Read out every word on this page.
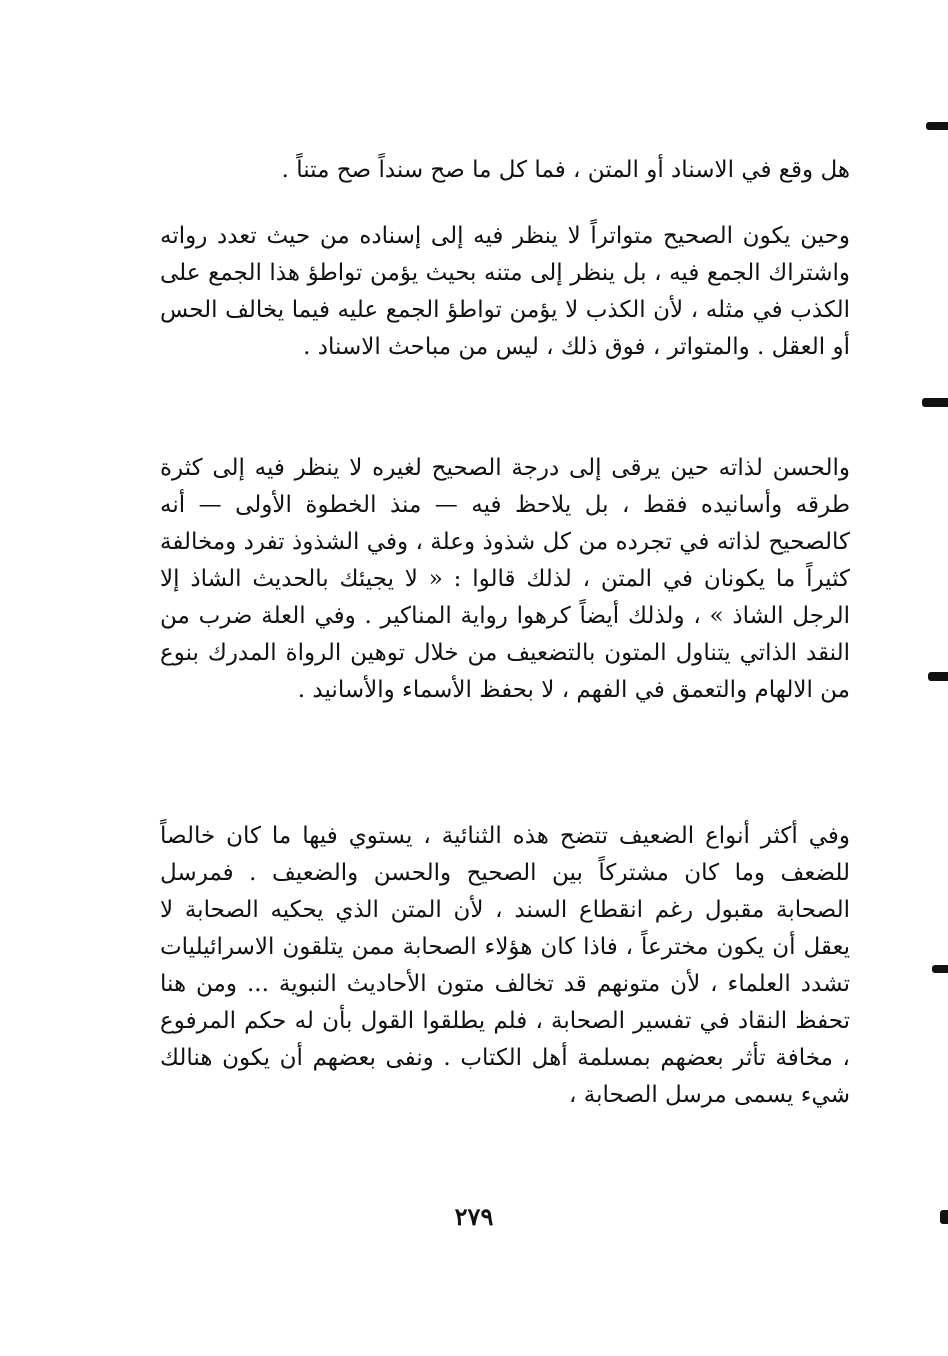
هل وقع في الاسناد أو المتن ، فما كل ما صح سنداً صح متناً .

وحين يكون الصحيح متواتراً لا ينظر فيه إلى إسناده من حيث تعدد رواته واشتراك الجمع فيه ، بل ينظر إلى متنه بحيث يؤمن تواطؤ هذا الجمع على الكذب في مثله ، لأن الكذب لا يؤمن تواطؤ الجمع عليه فيما يخالف الحس أو العقل . والمتواتر ، فوق ذلك ، ليس من مباحث الاسناد .

والحسن لذاته حين يرقى إلى درجة الصحيح لغيره لا ينظر فيه إلى كثرة طرقه وأسانيده فقط ، بل يلاحظ فيه — منذ الخطوة الأولى — أنه كالصحيح لذاته في تجرده من كل شذوذ وعلة ، وفي الشذوذ تفرد ومخالفة كثيراً ما يكونان في المتن ، لذلك قالوا : « لا يجيئك بالحديث الشاذ إلا الرجل الشاذ » ، ولذلك أيضاً كرهوا رواية المناكير . وفي العلة ضرب من النقد الذاتي يتناول المتون بالتضعيف من خلال توهين الرواة المدرك بنوع من الالهام والتعمق في الفهم ، لا بحفظ الأسماء والأسانيد .

وفي أكثر أنواع الضعيف تتضح هذه الثنائية ، يستوي فيها ما كان خالصاً للضعف وما كان مشتركاً بين الصحيح والحسن والضعيف . فمرسل الصحابة مقبول رغم انقطاع السند ، لأن المتن الذي يحكيه الصحابة لا يعقل أن يكون مخترعاً ، فاذا كان هؤلاء الصحابة ممن يتلقون الاسرائيليات تشدد العلماء ، لأن متونهم قد تخالف متون الأحاديث النبوية ... ومن هنا تحفظ النقاد في تفسير الصحابة ، فلم يطلقوا القول بأن له حكم المرفوع ، مخافة تأثر بعضهم بمسلمة أهل الكتاب . ونفى بعضهم أن يكون هنالك شيء يسمى مرسل الصحابة ،

٢٧٩
